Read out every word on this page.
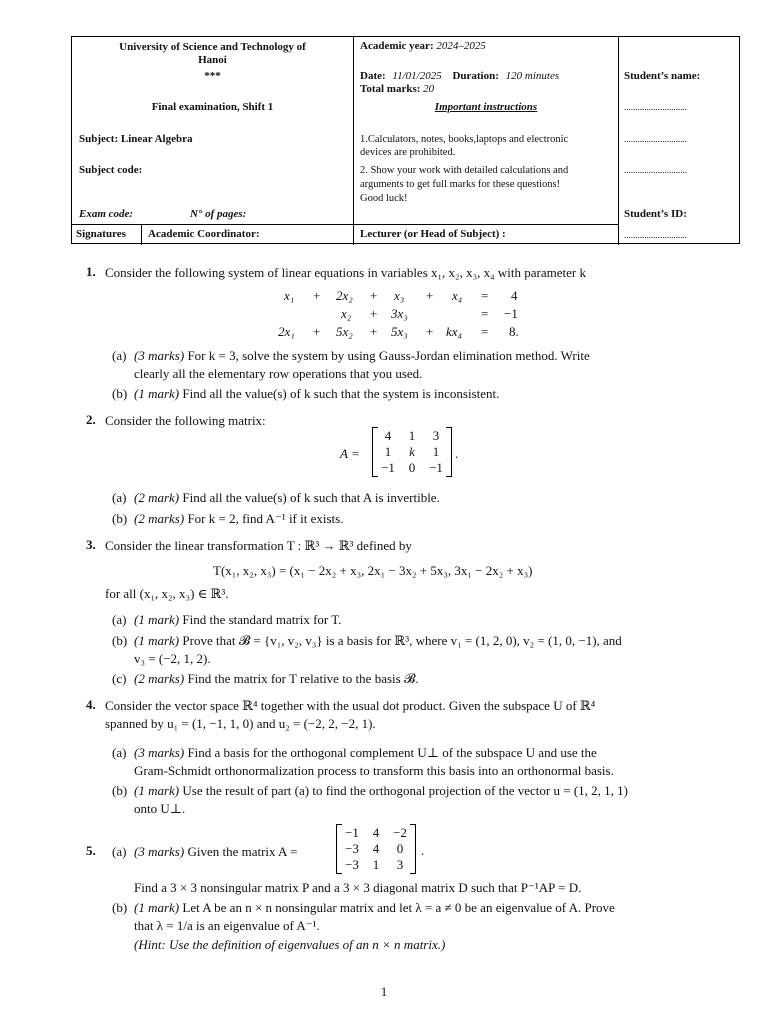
University of Science and Technology of
Hanoi
***
Final examination, Shift 1
Subject: Linear Algebra
Subject code:
Exam code:	N° of pages:
Signatures Academic Coordinator:
Academic year: 2024–2025
Date: 11/01/2025 Duration: 120 minutes
Total marks: 20
Important instructions
1.Calculators, notes, books,laptops and electronic
devices are prohibited.
2. Show your work with detailed calculations and
arguments to get full marks for these questions!
Good luck!
Lecturer (or Head of Subject) :
Student’s name:
............................
............................
............................
Student’s ID:
............................
1. Consider the following system of linear equations in variables x₁, x₂, x₃, x₄ with parameter k
x₁ + 2x₂ + x₃ + x₄ = 4
x₂ + 3x₃	= −1
2x₁ + 5x₂ + 5x₃ + kx₄ = 8.
(a) (3 marks) For k = 3, solve the system by using Gauss-Jordan elimination method. Write
clearly all the elementary row operations that you used.
(b) (1 mark) Find all the value(s) of k such that the system is inconsistent.
2. Consider the following matrix:
A =
4	1	3
1	k	1
−1	0	−1
.
(a) (2 mark) Find all the value(s) of k such that A is invertible.
(b) (2 marks) For k = 2, find A⁻¹ if it exists.
3. Consider the linear transformation T : ℝ³ → ℝ³ defined by
T(x₁, x₂, x₃) = (x₁ − 2x₂ + x₃, 2x₁ − 3x₂ + 5x₃, 3x₁ − 2x₂ + x₃)
for all (x₁, x₂, x₃) ∈ ℝ³.
(a) (1 mark) Find the standard matrix for T.
(b) (1 mark) Prove that 𝓑 = {v₁, v₂, v₃} is a basis for ℝ³, where v₁ = (1, 2, 0), v₂ = (1, 0, −1), and
v₃ = (−2, 1, 2).
(c) (2 marks) Find the matrix for T relative to the basis 𝓑.
4. Consider the vector space ℝ⁴ together with the usual dot product. Given the subspace U of ℝ⁴
spanned by u₁ = (1, −1, 1, 0) and u₂ = (−2, 2, −2, 1).
(a) (3 marks) Find a basis for the orthogonal complement U⊥ of the subspace U and use the
Gram-Schmidt orthonormalization process to transform this basis into an orthonormal basis.
(b) (1 mark) Use the result of part (a) to find the orthogonal projection of the vector u = (1, 2, 1, 1)
onto U⊥.
5. (a) (3 marks) Given the matrix A =
−1	4	−2
−3	4	0
−3	1	3
.
Find a 3 × 3 nonsingular matrix P and a 3 × 3 diagonal matrix D such that P⁻¹AP = D.
(b) (1 mark) Let A be an n × n nonsingular matrix and let λ = a ≠ 0 be an eigenvalue of A. Prove
that λ = 1/a is an eigenvalue of A⁻¹.
(Hint: Use the definition of eigenvalues of an n × n matrix.)
1
